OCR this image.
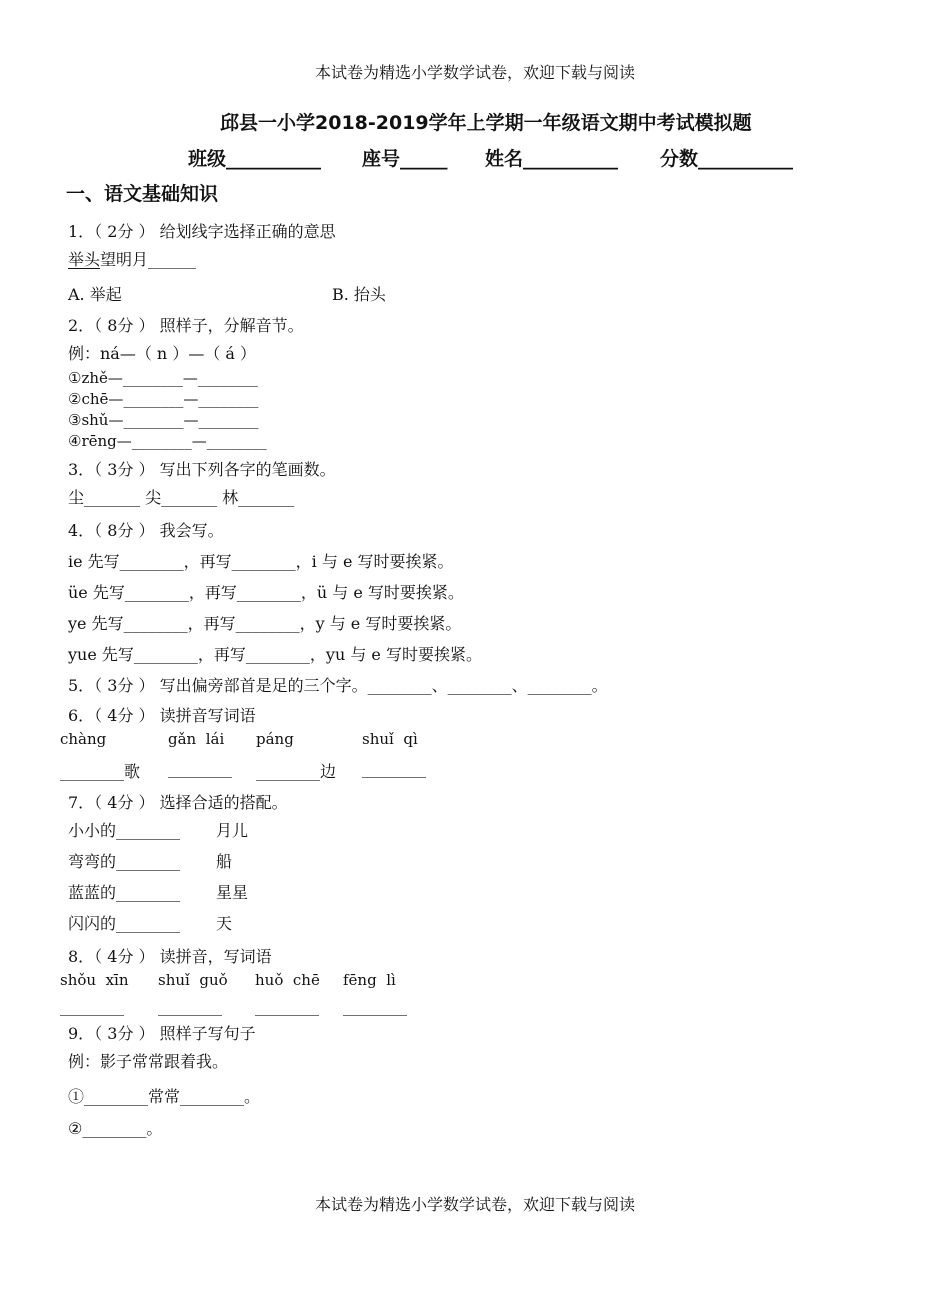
本试卷为精选小学数学试卷，欢迎下载与阅读
邱县一小学2018-2019学年上学期一年级语文期中考试模拟题
班级__________ 座号_____ 姓名__________ 分数__________
一、语文基础知识
1．（ 2分 ） 给划线字选择正确的意思
举头望明月______
A. 举起	B. 抬头
2．（ 8分 ） 照样子，分解音节。
例：ná—（ n ）—（ á ）
①zhě—________—________
②chē—________—________
③shǔ—________—________
④rēng—________—________
3．（ 3分 ） 写出下列各字的笔画数。
尘_______ 尖_______ 林_______
4．（ 8分 ） 我会写。
ie 先写________，再写________，i 与 e 写时要挨紧。
üe 先写________，再写________，ü 与 e 写时要挨紧。
ye 先写________，再写________，y 与 e 写时要挨紧。
yue 先写________，再写________，yu 与 e 写时要挨紧。
5．（ 3分 ） 写出偏旁部首是足的三个字。________、________、________。
6．（ 4分 ） 读拼音写词语
chàng	gǎn  lái páng	shuǐ  qì
________歌 ________ ________边 ________
7．（ 4分 ） 选择合适的搭配。
小小的________ 月儿
弯弯的________ 船
蓝蓝的________ 星星
闪闪的________ 天
8．（ 4分 ） 读拼音，写词语
shǒu  xīn shuǐ  guǒ huǒ  chē fēng  lì
________ ________ ________ ________
9．（ 3分 ） 照样子写句子
例：影子常常跟着我。
①________常常________。
②________。
本试卷为精选小学数学试卷，欢迎下载与阅读
